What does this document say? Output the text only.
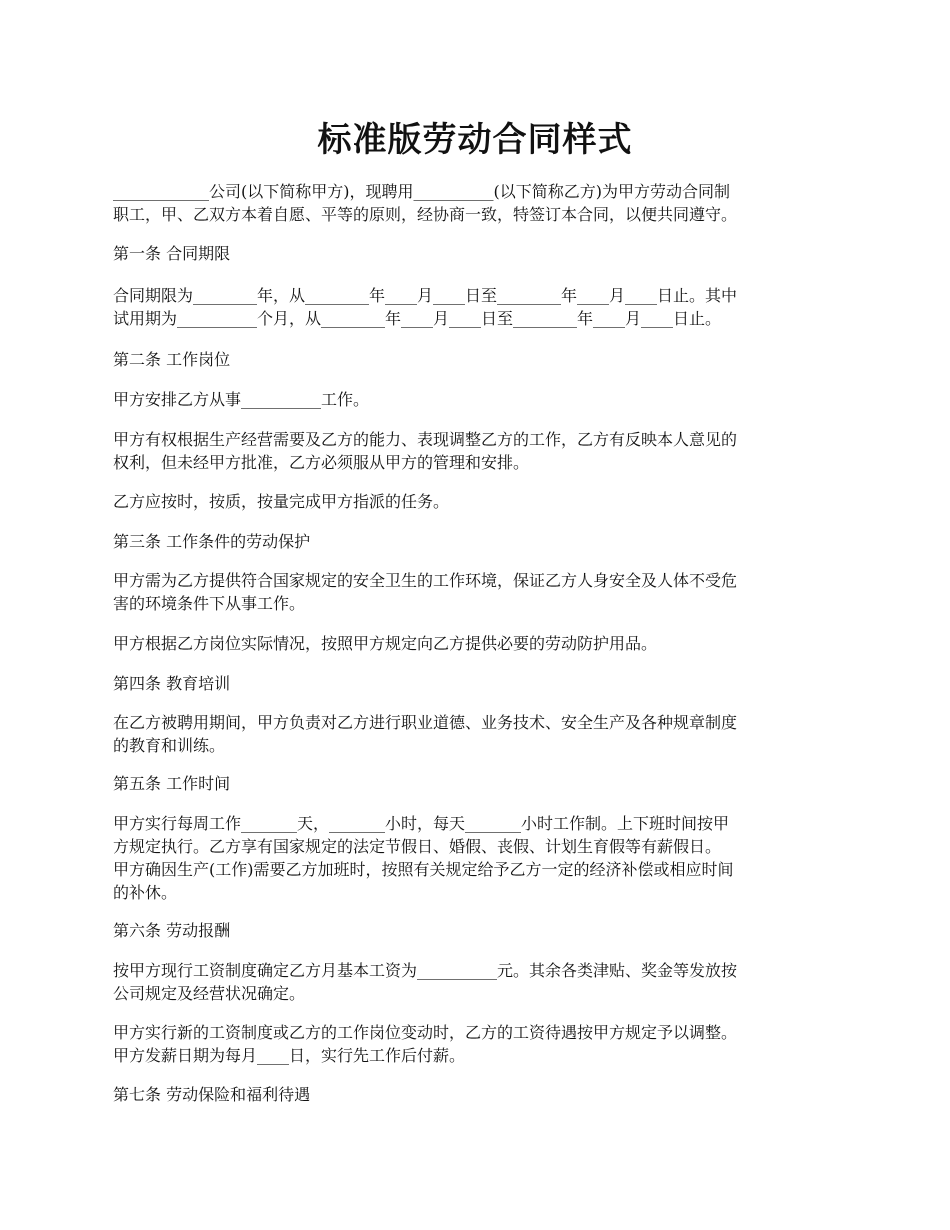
标准版劳动合同样式
____________公司(以下简称甲方)，现聘用__________(以下简称乙方)为甲方劳动合同制
职工，甲、乙双方本着自愿、平等的原则，经协商一致，特签订本合同，以便共同遵守。
第一条 合同期限
合同期限为________年，从________年____月____日至________年____月____日止。其中
试用期为__________个月，从________年____月____日至________年____月____日止。
第二条 工作岗位
甲方安排乙方从事__________工作。
甲方有权根据生产经营需要及乙方的能力、表现调整乙方的工作，乙方有反映本人意见的
权利，但未经甲方批准，乙方必须服从甲方的管理和安排。
乙方应按时，按质，按量完成甲方指派的任务。
第三条 工作条件的劳动保护
甲方需为乙方提供符合国家规定的安全卫生的工作环境，保证乙方人身安全及人体不受危
害的环境条件下从事工作。
甲方根据乙方岗位实际情况，按照甲方规定向乙方提供必要的劳动防护用品。
第四条 教育培训
在乙方被聘用期间，甲方负责对乙方进行职业道德、业务技术、安全生产及各种规章制度
的教育和训练。
第五条 工作时间
甲方实行每周工作_______天，_______小时，每天_______小时工作制。上下班时间按甲
方规定执行。乙方享有国家规定的法定节假日、婚假、丧假、计划生育假等有薪假日。
甲方确因生产(工作)需要乙方加班时，按照有关规定给予乙方一定的经济补偿或相应时间
的补休。
第六条 劳动报酬
按甲方现行工资制度确定乙方月基本工资为__________元。其余各类津贴、奖金等发放按
公司规定及经营状况确定。
甲方实行新的工资制度或乙方的工作岗位变动时，乙方的工资待遇按甲方规定予以调整。
甲方发薪日期为每月____日，实行先工作后付薪。
第七条 劳动保险和福利待遇
